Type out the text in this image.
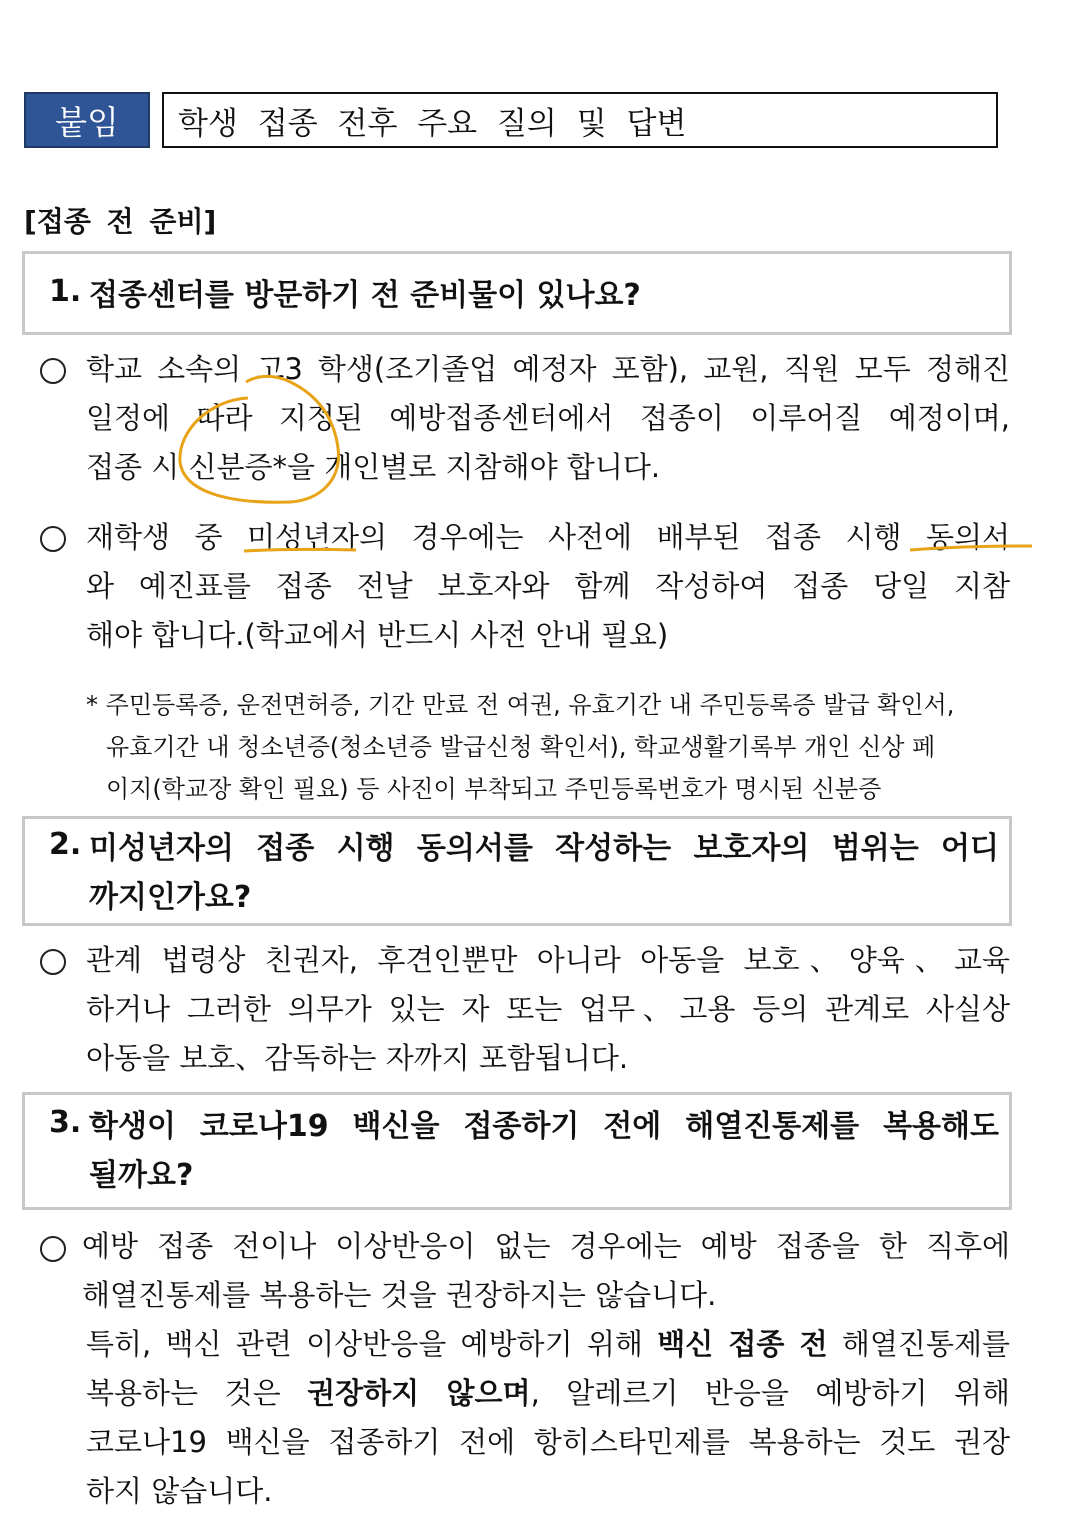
붙임	학생 접종 전후 주요 질의 및 답변
[접종 전 준비]
1. 접종센터를 방문하기 전 준비물이 있나요?
학교 소속의 고3 학생(조기졸업 예정자 포함), 교원, 직원 모두 정해진
일정에 따라 지정된 예방접종센터에서 접종이 이루어질 예정이며,
접종 시 신분증*을 개인별로 지참해야 합니다.
재학생 중 미성년자의 경우에는 사전에 배부된 접종 시행 동의서
와 예진표를 접종 전날 보호자와 함께 작성하여 접종 당일 지참
해야 합니다.(학교에서 반드시 사전 안내 필요)
* 주민등록증, 운전면허증, 기간 만료 전 여권, 유효기간 내 주민등록증 발급 확인서,
유효기간 내 청소년증(청소년증 발급신청 확인서), 학교생활기록부 개인 신상 페
이지(학교장 확인 필요) 등 사진이 부착되고 주민등록번호가 명시된 신분증
2. 미성년자의 접종 시행 동의서를 작성하는 보호자의 범위는 어디
까지인가요?
관계 법령상 친권자, 후견인뿐만 아니라 아동을 보호、양육、교육
하거나 그러한 의무가 있는 자 또는 업무、고용 등의 관계로 사실상
아동을 보호、감독하는 자까지 포함됩니다.
3. 학생이 코로나19 백신을 접종하기 전에 해열진통제를 복용해도
될까요?
예방 접종 전이나 이상반응이 없는 경우에는 예방 접종을 한 직후에
해열진통제를 복용하는 것을 권장하지는 않습니다.
특히, 백신 관련 이상반응을 예방하기 위해 백신 접종 전 해열진통제를
복용하는 것은 권장하지 않으며, 알레르기 반응을 예방하기 위해
코로나19 백신을 접종하기 전에 항히스타민제를 복용하는 것도 권장
하지 않습니다.
